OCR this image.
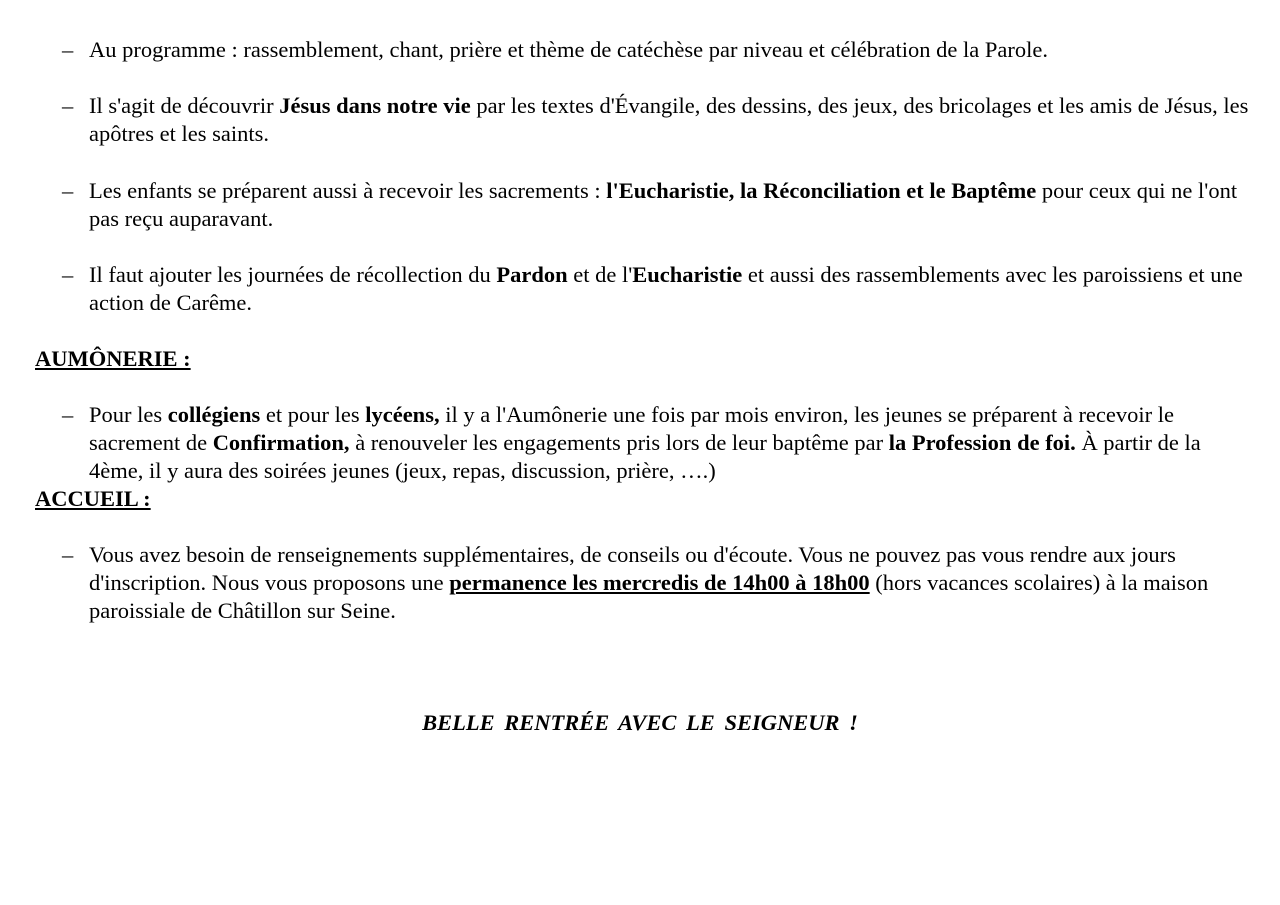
– Au programme : rassemblement, chant, prière et thème de catéchèse par niveau et célébration de la Parole.

– Il s'agit de découvrir Jésus dans notre vie par les textes d'Évangile, des dessins, des jeux, des bricolages et les amis de Jésus, les apôtres et les saints.

– Les enfants se préparent aussi à recevoir les sacrements : l'Eucharistie, la Réconciliation et le Baptême pour ceux qui ne l'ont pas reçu auparavant.

– Il faut ajouter les journées de récollection du Pardon et de l'Eucharistie et aussi des rassemblements avec les paroissiens et une action de Carême.

AUMÔNERIE :

– Pour les collégiens et pour les lycéens, il y a l'Aumônerie une fois par mois environ, les jeunes se préparent à recevoir le sacrement de Confirmation, à renouveler les engagements pris lors de leur baptême par la Profession de foi. À partir de la 4ème, il y aura des soirées jeunes (jeux, repas, discussion, prière, ….)

ACCUEIL :

– Vous avez besoin de renseignements supplémentaires, de conseils ou d'écoute. Vous ne pouvez pas vous rendre aux jours d'inscription. Nous vous proposons une permanence les mercredis de 14h00 à 18h00 (hors vacances scolaires) à la maison paroissiale de Châtillon sur Seine.

BELLE RENTRÉE AVEC LE SEIGNEUR !
